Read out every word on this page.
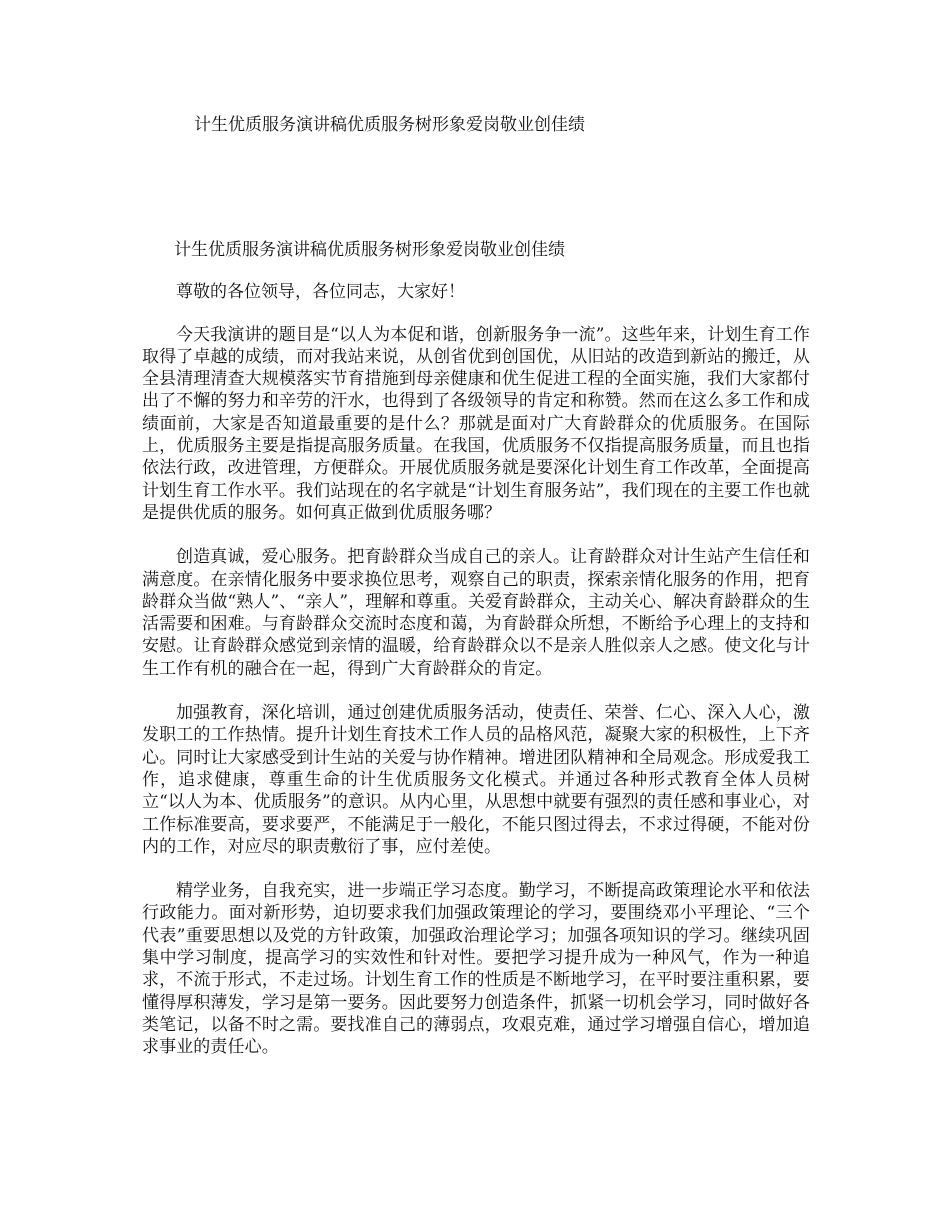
计生优质服务演讲稿优质服务树形象爱岗敬业创佳绩
计生优质服务演讲稿优质服务树形象爱岗敬业创佳绩

尊敬的各位领导，各位同志，大家好！

今天我演讲的题目是“以人为本促和谐，创新服务争一流”。这些年来，计划生育工作取得了卓越的成绩，而对我站来说，从创省优到创国优，从旧站的改造到新站的搬迁，从全县清理清查大规模落实节育措施到母亲健康和优生促进工程的全面实施，我们大家都付出了不懈的努力和辛劳的汗水，也得到了各级领导的肯定和称赞。然而在这么多工作和成绩面前，大家是否知道最重要的是什么？那就是面对广大育龄群众的优质服务。在国际上，优质服务主要是指提高服务质量。在我国，优质服务不仅指提高服务质量，而且也指依法行政，改进管理，方便群众。开展优质服务就是要深化计划生育工作改革，全面提高计划生育工作水平。我们站现在的名字就是“计划生育服务站”，我们现在的主要工作也就是提供优质的服务。如何真正做到优质服务哪？

创造真诚，爱心服务。把育龄群众当成自己的亲人。让育龄群众对计生站产生信任和满意度。在亲情化服务中要求换位思考，观察自己的职责，探索亲情化服务的作用，把育龄群众当做“熟人”、“亲人”，理解和尊重。关爱育龄群众，主动关心、解决育龄群众的生活需要和困难。与育龄群众交流时态度和蔼，为育龄群众所想，不断给予心理上的支持和安慰。让育龄群众感觉到亲情的温暖，给育龄群众以不是亲人胜似亲人之感。使文化与计生工作有机的融合在一起，得到广大育龄群众的肯定。

加强教育，深化培训，通过创建优质服务活动，使责任、荣誉、仁心、深入人心，激发职工的工作热情。提升计划生育技术工作人员的品格风范，凝聚大家的积极性，上下齐心。同时让大家感受到计生站的关爱与协作精神。增进团队精神和全局观念。形成爱我工作，追求健康，尊重生命的计生优质服务文化模式。并通过各种形式教育全体人员树立“以人为本、优质服务”的意识。从内心里，从思想中就要有强烈的责任感和事业心，对工作标准要高，要求要严，不能满足于一般化，不能只图过得去，不求过得硬，不能对份内的工作，对应尽的职责敷衍了事，应付差使。

精学业务，自我充实，进一步端正学习态度。勤学习，不断提高政策理论水平和依法行政能力。面对新形势，迫切要求我们加强政策理论的学习，要围绕邓小平理论、“三个代表”重要思想以及党的方针政策，加强政治理论学习；加强各项知识的学习。继续巩固集中学习制度，提高学习的实效性和针对性。要把学习提升成为一种风气，作为一种追求，不流于形式，不走过场。计划生育工作的性质是不断地学习，在平时要注重积累，要懂得厚积薄发，学习是第一要务。因此要努力创造条件，抓紧一切机会学习，同时做好各类笔记，以备不时之需。要找准自己的薄弱点，攻艰克难，通过学习增强自信心，增加追求事业的责任心。
